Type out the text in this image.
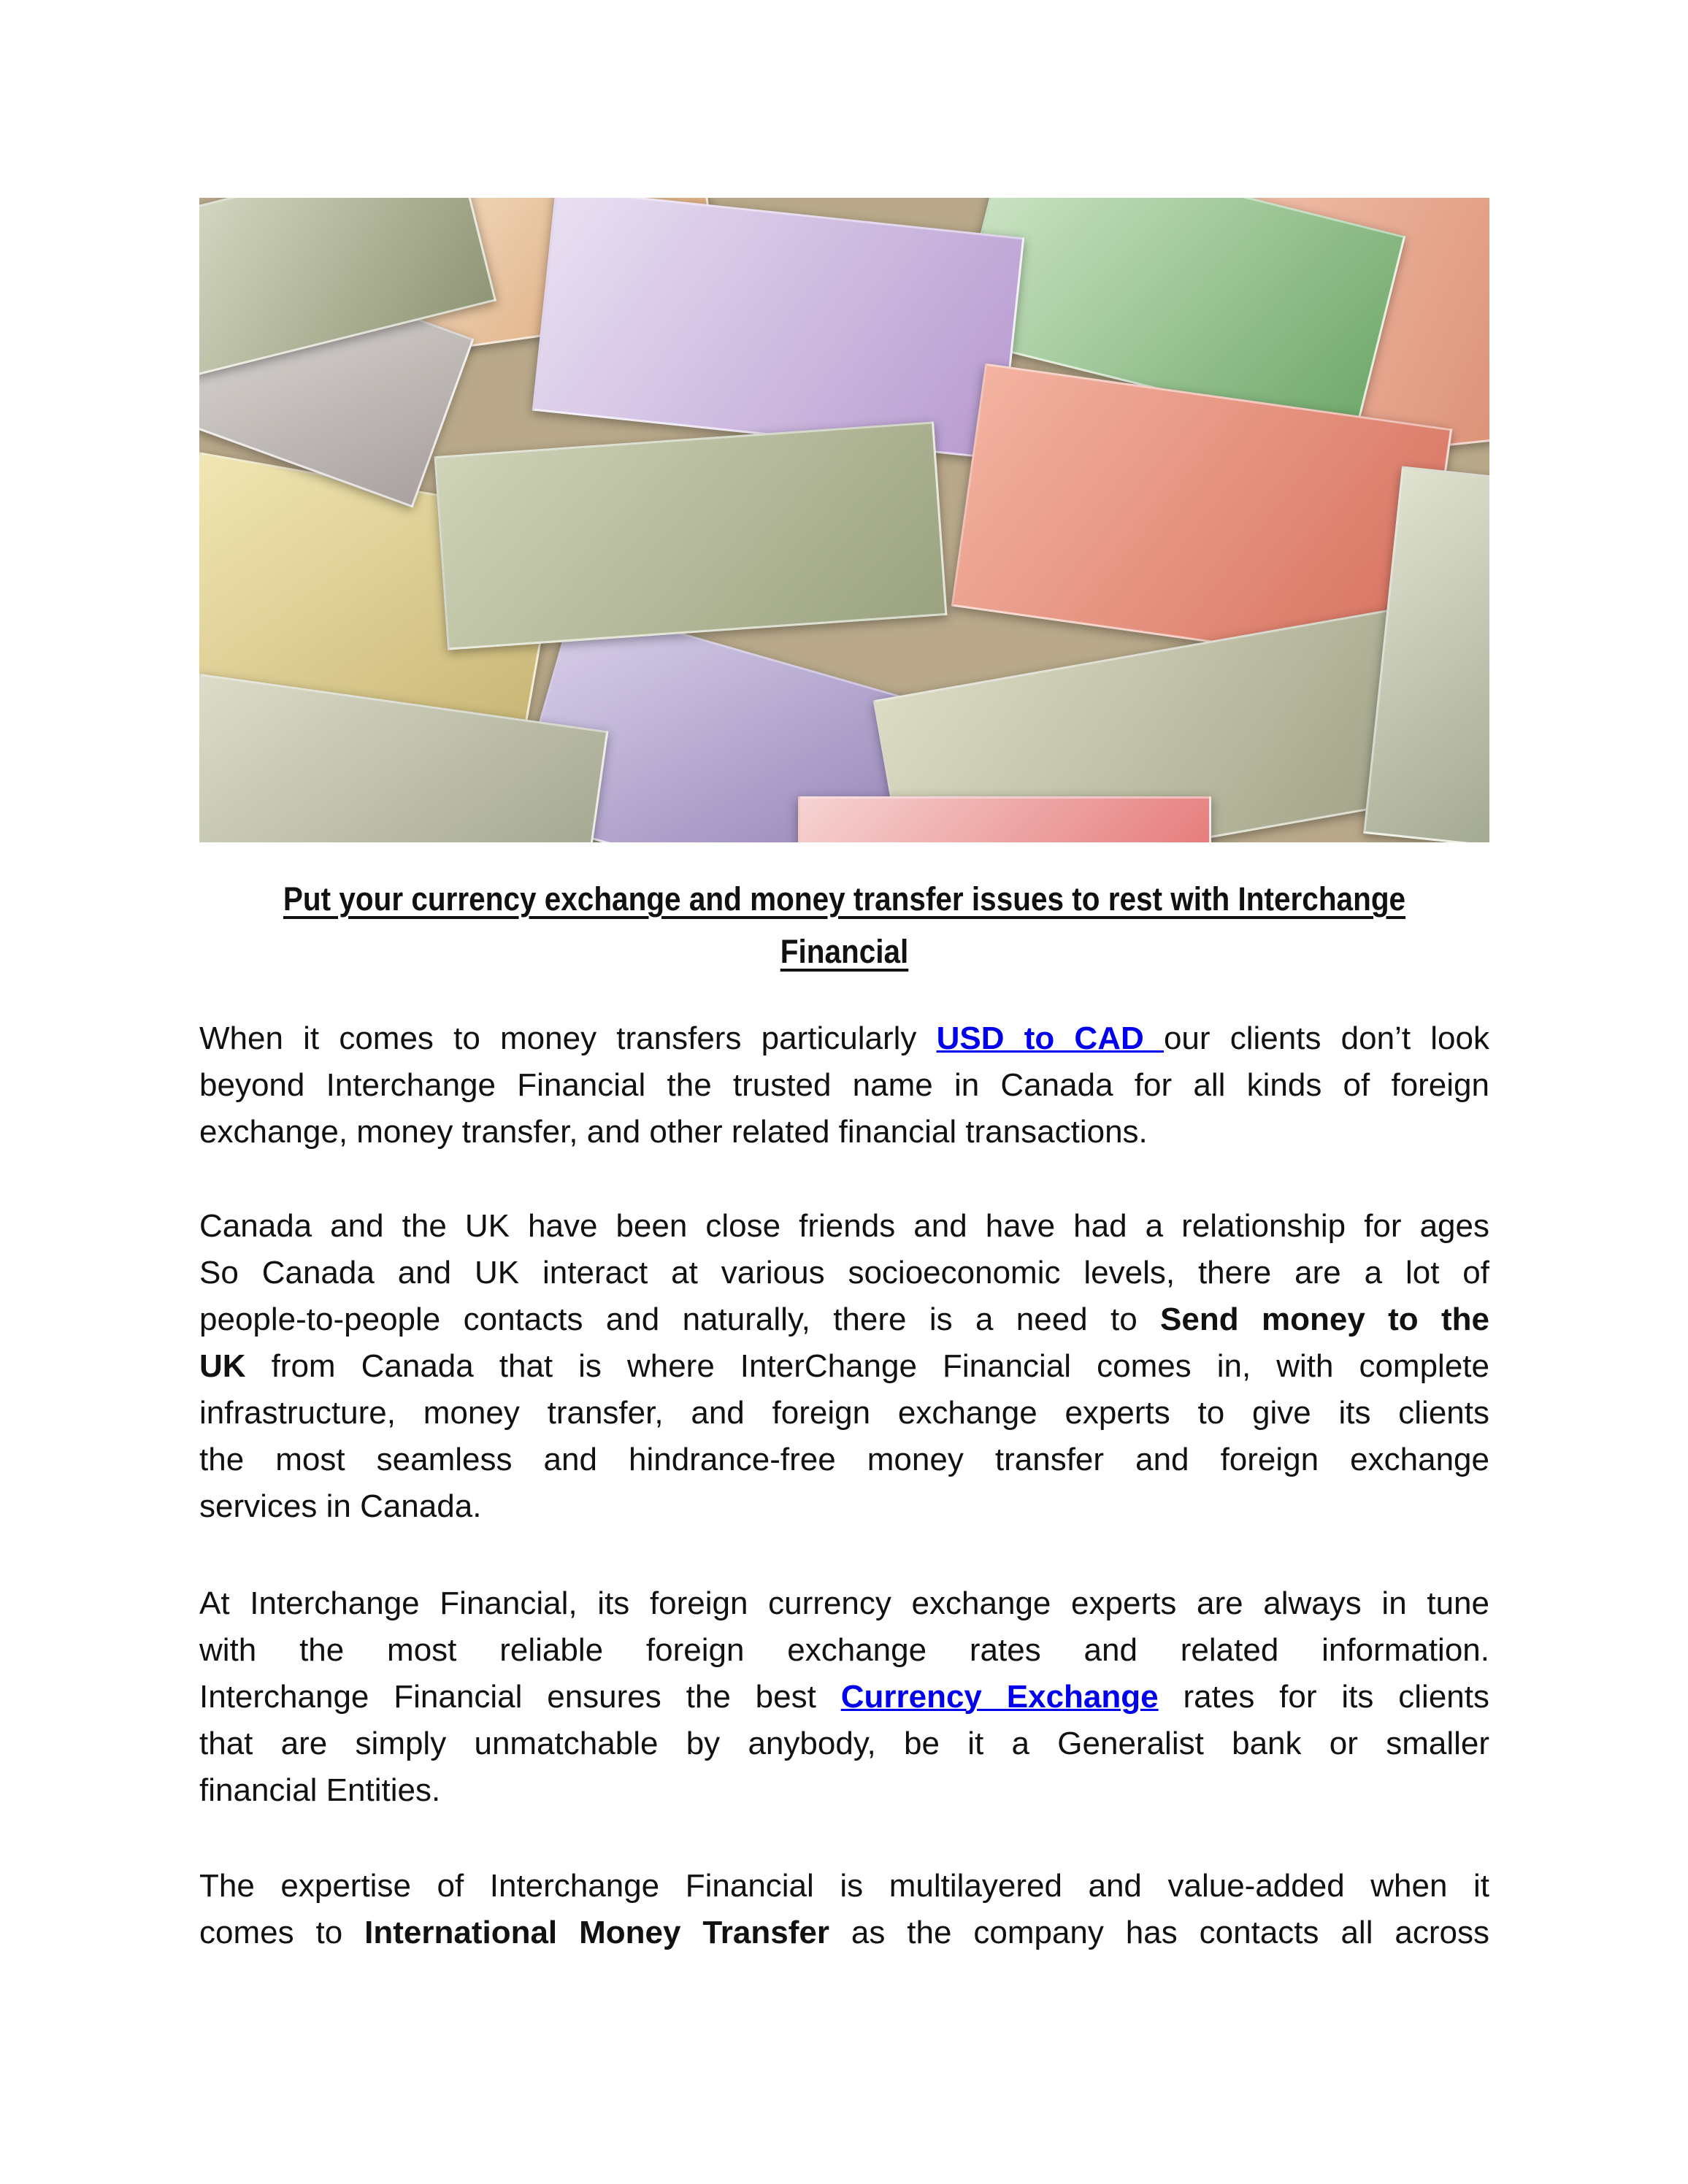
Put your currency exchange and money transfer issues to rest with Interchange
Financial
When it comes to money transfers particularly USD to CAD our clients don’t look
beyond Interchange Financial the trusted name in Canada for all kinds of foreign
exchange, money transfer, and other related financial transactions.
Canada and the UK have been close friends and have had a relationship for ages
So Canada and UK interact at various socioeconomic levels, there are a lot of
people-to-people contacts and naturally, there is a need to Send money to the
UK from Canada that is where InterChange Financial comes in, with complete
infrastructure, money transfer, and foreign exchange experts to give its clients
the most seamless and hindrance-free money transfer and foreign exchange
services in Canada.
At Interchange Financial, its foreign currency exchange experts are always in tune
with the most reliable foreign exchange rates and related information.
Interchange Financial ensures the best Currency Exchange rates for its clients
that are simply unmatchable by anybody, be it a Generalist bank or smaller
financial Entities.
The expertise of Interchange Financial is multilayered and value-added when it
comes to International Money Transfer as the company has contacts all across
